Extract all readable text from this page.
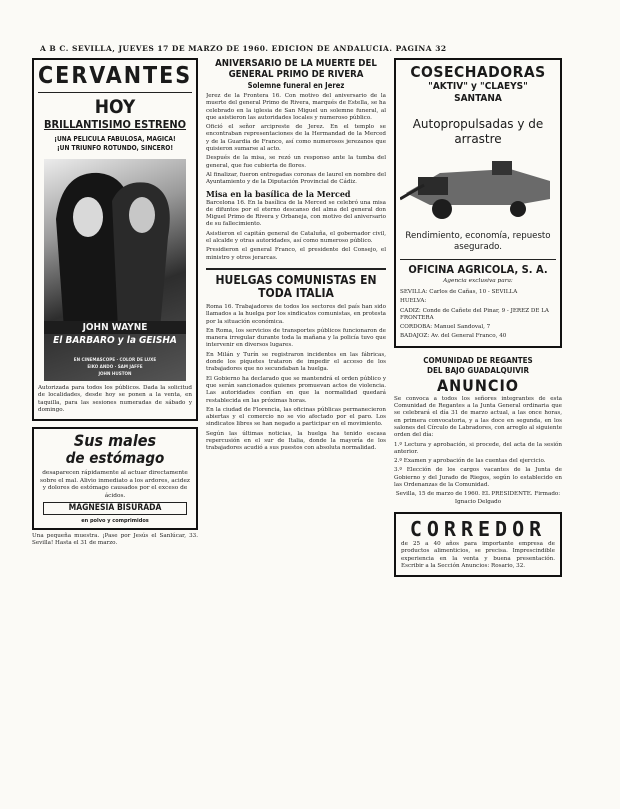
A B C. SEVILLA, JUEVES 17 DE MARZO DE 1960. EDICION DE ANDALUCIA. PAGINA 32
CERVANTES
HOY
BRILLANTISIMO ESTRENO
¡UNA PELICULA FABULOSA, MAGICA!
¡UN TRIUNFO ROTUNDO, SINCERO!
JOHN WAYNE
El BARBARO y la GEISHA
EN CINEMASCOPE · COLOR DE LUXE
EIKO ANDO · SAM JAFFE
JOHN HUSTON

Autorizada para todos los públicos. Dada la solicitud de localidades, desde hoy se ponen a la venta, en taquilla, para las sesiones numeradas de sábado y domingo.

Sus males
de estómago

desaparecen rápidamente al actuar directamente sobre el mal. Alivio inmediato a los ardores, acidez y dolores de estómago causados por el exceso de ácidos.

MAGNESIA BISURADA
en polvo y comprimidos

Una pequeña muestra. ¡Pase por Jesús el Sanlúcar, 33. Sevilla! Hasta el 31 de marzo.

ANIVERSARIO DE LA MUERTE DEL GENERAL PRIMO DE RIVERA
Solemne funeral en Jerez

Jerez de la Frontera 16. Con motivo del aniversario de la muerte del general Primo de Rivera, marqués de Estella, se ha celebrado en la iglesia de San Miguel un solemne funeral, al que asistieron las autoridades locales y numeroso público.

Ofició el señor arcipreste de Jerez. En el templo se encontraban representaciones de la Hermandad de la Merced y de la Guardia de Franco, así como numerosos jerezanos que quisieron sumarse al acto.

Después de la misa, se rezó un responso ante la tumba del general, que fue cubierta de flores.

Al finalizar, fueron entregadas coronas de laurel en nombre del Ayuntamiento y de la Diputación Provincial de Cádiz.

Misa en la basílica de la Merced

Barcelona 16. En la basílica de la Merced se celebró una misa de difuntos por el eterno descanso del alma del general don Miguel Primo de Rivera y Orbaneja, con motivo del aniversario de su fallecimiento.

Asistieron el capitán general de Cataluña, el gobernador civil, el alcalde y otras autoridades, así como numeroso público.

Presidieron el general Franco, el presidente del Consejo, el ministro y otros jerarcas.

HUELGAS COMUNISTAS EN TODA ITALIA

Roma 16. Trabajadores de todos los sectores del país han sido llamados a la huelga por los sindicatos comunistas, en protesta por la situación económica.

En Roma, los servicios de transportes públicos funcionaron de manera irregular durante toda la mañana y la policía tuvo que intervenir en diversos lugares.

En Milán y Turín se registraron incidentes en las fábricas, donde los piquetes trataron de impedir el acceso de los trabajadores que no secundaban la huelga.

El Gobierno ha declarado que se mantendrá el orden público y que serán sancionados quienes promuevan actos de violencia. Las autoridades confían en que la normalidad quedará restablecida en las próximas horas.

En la ciudad de Florencia, las oficinas públicas permanecieron abiertas y el comercio no se vio afectado por el paro. Los sindicatos libres se han negado a participar en el movimiento.

Según las últimas noticias, la huelga ha tenido escasa repercusión en el sur de Italia, donde la mayoría de los trabajadores acudió a sus puestos con absoluta normalidad.

COSECHADORAS
"AKTIV" y "CLAEYS"
SANTANA
Autopropulsadas y de arrastre
Rendimiento, economía, repuesto asegurado.
OFICINA AGRICOLA, S. A.
Agencia exclusiva para:

SEVILLA: Carlos de Cañas, 10 - SEVILLA

HUELVA:

CADIZ: Conde de Cañete del Pinar, 9 - JEREZ DE LA FRONTERA

CORDOBA: Manuel Sandoval, 7

BADAJOZ: Av. del General Franco, 40

COMUNIDAD DE REGANTES
DEL BAJO GUADALQUIVIR
ANUNCIO

Se convoca a todos los señores integrantes de esta Comunidad de Regantes a la Junta General ordinaria que se celebrará el día 31 de marzo actual, a las once horas, en primera convocatoria, y a las doce en segunda, en los salones del Círculo de Labradores, con arreglo al siguiente orden del día:

1.º Lectura y aprobación, si procede, del acta de la sesión anterior.

2.º Examen y aprobación de las cuentas del ejercicio.

3.º Elección de los cargos vacantes de la Junta de Gobierno y del Jurado de Riegos, según lo establecido en las Ordenanzas de la Comunidad.

Sevilla, 15 de marzo de 1960. EL PRESIDENTE. Firmado: Ignacio Delgado

CORREDOR

de 25 a 40 años para importante empresa de productos alimenticios, se precisa. Imprescindible experiencia en la venta y buena presentación. Escribir a la Sección Anuncios: Rosario, 32.
